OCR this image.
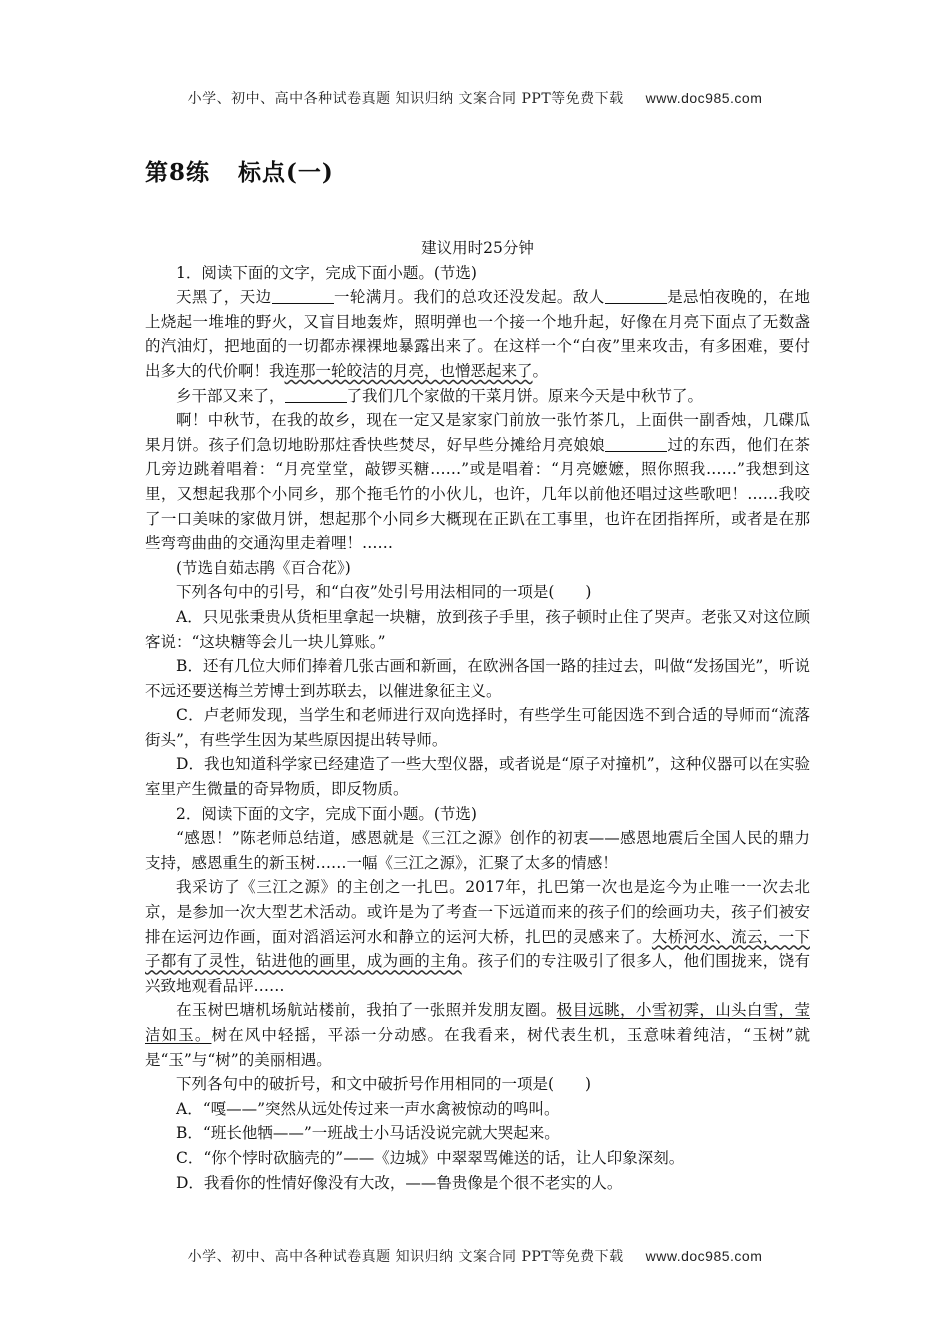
小学、初中、高中各种试卷真题 知识归纳 文案合同 PPT等免费下载 www.doc985.com
第8练 标点(一)

建议用时25分钟

1．阅读下面的文字，完成下面小题。(节选)

天黑了，天边	一轮满月。我们的总攻还没发起。敌人	是忌怕夜晚的，在地上烧起一堆堆的野火，又盲目地轰炸，照明弹也一个接一个地升起，好像在月亮下面点了无数盏的汽油灯，把地面的一切都赤裸裸地暴露出来了。在这样一个“白夜”里来攻击，有多困难，要付出多大的代价啊！我连那一轮皎洁的月亮，也憎恶起来了。

乡干部又来了，	了我们几个家做的干菜月饼。原来今天是中秋节了。

啊！中秋节，在我的故乡，现在一定又是家家门前放一张竹茶几，上面供一副香烛，几碟瓜果月饼。孩子们急切地盼那炷香快些焚尽，好早些分摊给月亮娘娘	过的东西，他们在茶几旁边跳着唱着：“月亮堂堂，敲锣买糖……”或是唱着：“月亮嬷嬷，照你照我……”我想到这里，又想起我那个小同乡，那个拖毛竹的小伙儿，也许，几年以前他还唱过这些歌吧！……我咬了一口美味的家做月饼，想起那个小同乡大概现在正趴在工事里，也许在团指挥所，或者是在那些弯弯曲曲的交通沟里走着哩！……

(节选自茹志鹃《百合花》)

下列各句中的引号，和“白夜”处引号用法相同的一项是(　　)

A．只见张秉贵从货柜里拿起一块糖，放到孩子手里，孩子顿时止住了哭声。老张又对这位顾客说：“这块糖等会儿一块儿算账。”

B．还有几位大师们捧着几张古画和新画，在欧洲各国一路的挂过去，叫做“发扬国光”，听说不远还要送梅兰芳博士到苏联去，以催进象征主义。

C．卢老师发现，当学生和老师进行双向选择时，有些学生可能因选不到合适的导师而“流落街头”，有些学生因为某些原因提出转导师。

D．我也知道科学家已经建造了一些大型仪器，或者说是“原子对撞机”，这种仪器可以在实验室里产生微量的奇异物质，即反物质。

2．阅读下面的文字，完成下面小题。(节选)

“感恩！”陈老师总结道，感恩就是《三江之源》创作的初衷——感恩地震后全国人民的鼎力支持，感恩重生的新玉树……一幅《三江之源》，汇聚了太多的情感！

我采访了《三江之源》的主创之一扎巴。2017年，扎巴第一次也是迄今为止唯一一次去北京，是参加一次大型艺术活动。或许是为了考查一下远道而来的孩子们的绘画功夫，孩子们被安排在运河边作画，面对滔滔运河水和静立的运河大桥，扎巴的灵感来了。大桥河水、流云，一下子都有了灵性，钻进他的画里，成为画的主角。孩子们的专注吸引了很多人，他们围拢来，饶有兴致地观看品评……

在玉树巴塘机场航站楼前，我拍了一张照并发朋友圈。极目远眺，小雪初霁，山头白雪，莹洁如玉。树在风中轻摇，平添一分动感。在我看来，树代表生机，玉意味着纯洁，“玉树”就是“玉”与“树”的美丽相遇。

下列各句中的破折号，和文中破折号作用相同的一项是(　　)

A．“嘎——”突然从远处传过来一声水禽被惊动的鸣叫。

B．“班长他牺——”一班战士小马话没说完就大哭起来。

C．“你个悖时砍脑壳的”——《边城》中翠翠骂傩送的话，让人印象深刻。

D．我看你的性情好像没有大改，——鲁贵像是个很不老实的人。

小学、初中、高中各种试卷真题 知识归纳 文案合同 PPT等免费下载 www.doc985.com
